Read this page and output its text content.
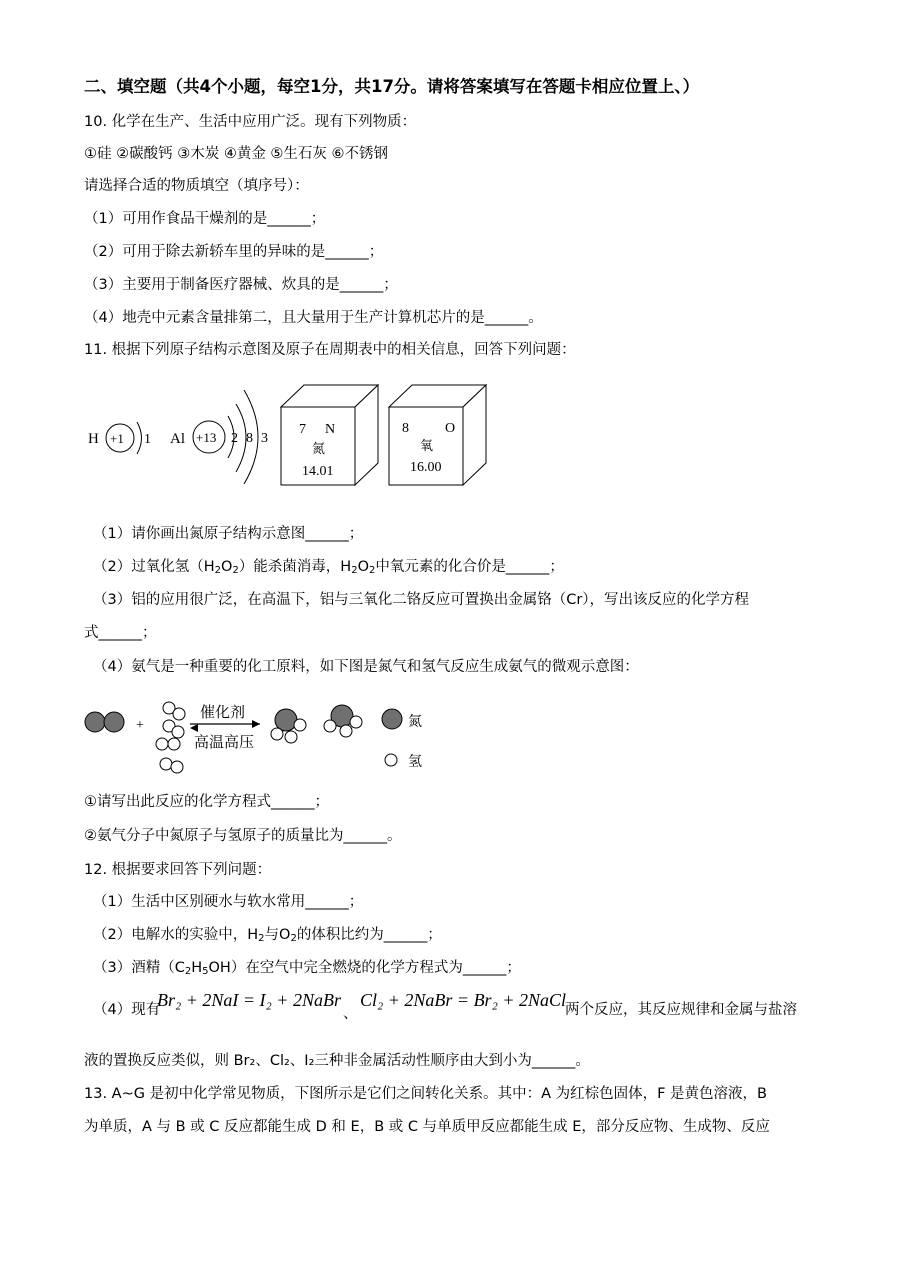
二、填空题（共4个小题，每空1分，共17分。请将答案填写在答题卡相应位置上、）
10. 化学在生产、生活中应用广泛。现有下列物质：
①硅 ②碳酸钙 ③木炭 ④黄金 ⑤生石灰 ⑥不锈钢
请选择合适的物质填空（填序号）：
（1）可用作食品干燥剂的是______；
（2）可用于除去新轿车里的异味的是______；
（3）主要用于制备医疗器械、炊具的是______；
（4）地壳中元素含量排第二，且大量用于生产计算机芯片的是______。
11. 根据下列原子结构示意图及原子在周期表中的相关信息，回答下列问题：
H +1 1 Al +13 2 8 3
7 N
氮
14.01
8	O
氧
16.00
（1）请你画出氮原子结构示意图______；
（2）过氧化氢$(H_2O_2)$能杀菌消毒，$H_2O_2$中氧元素的化合价是______；
（3）铝的应用很广泛，在高温下，铝与三氧化二铬反应可置换出金属铬（Cr），写出该反应的化学方程
式______；
（4）氨气是一种重要的化工原料，如下图是氮气和氢气反应生成氨气的微观示意图：
+
催化剂
高温高压
氮
氢
①请写出此反应的化学方程式______；
②氨气分子中氮原子与氢原子的质量比为______。
12. 根据要求回答下列问题：
（1）生活中区别硬水与软水常用______；
（2）电解水的实验中，$H_2$与$O_2$的体积比约为______；
（3）酒精$(C_2H_5OH)$在空气中完全燃烧的化学方程式为______；
（4）现有
Br₂ + 2NaI = I₂ + 2NaBr
、
Cl₂ + 2NaBr = Br₂ + 2NaCl 两个反应，其反应规律和金属与盐溶
液的置换反应类似，则 Br₂、Cl₂、I₂三种非金属活动性顺序由大到小为______。
13. A~G 是初中化学常见物质，下图所示是它们之间转化关系。其中：A 为红棕色固体，F 是黄色溶液，B
为单质，A 与 B 或 C 反应都能生成 D 和 E，B 或 C 与单质甲反应都能生成 E，部分反应物、生成物、反应
